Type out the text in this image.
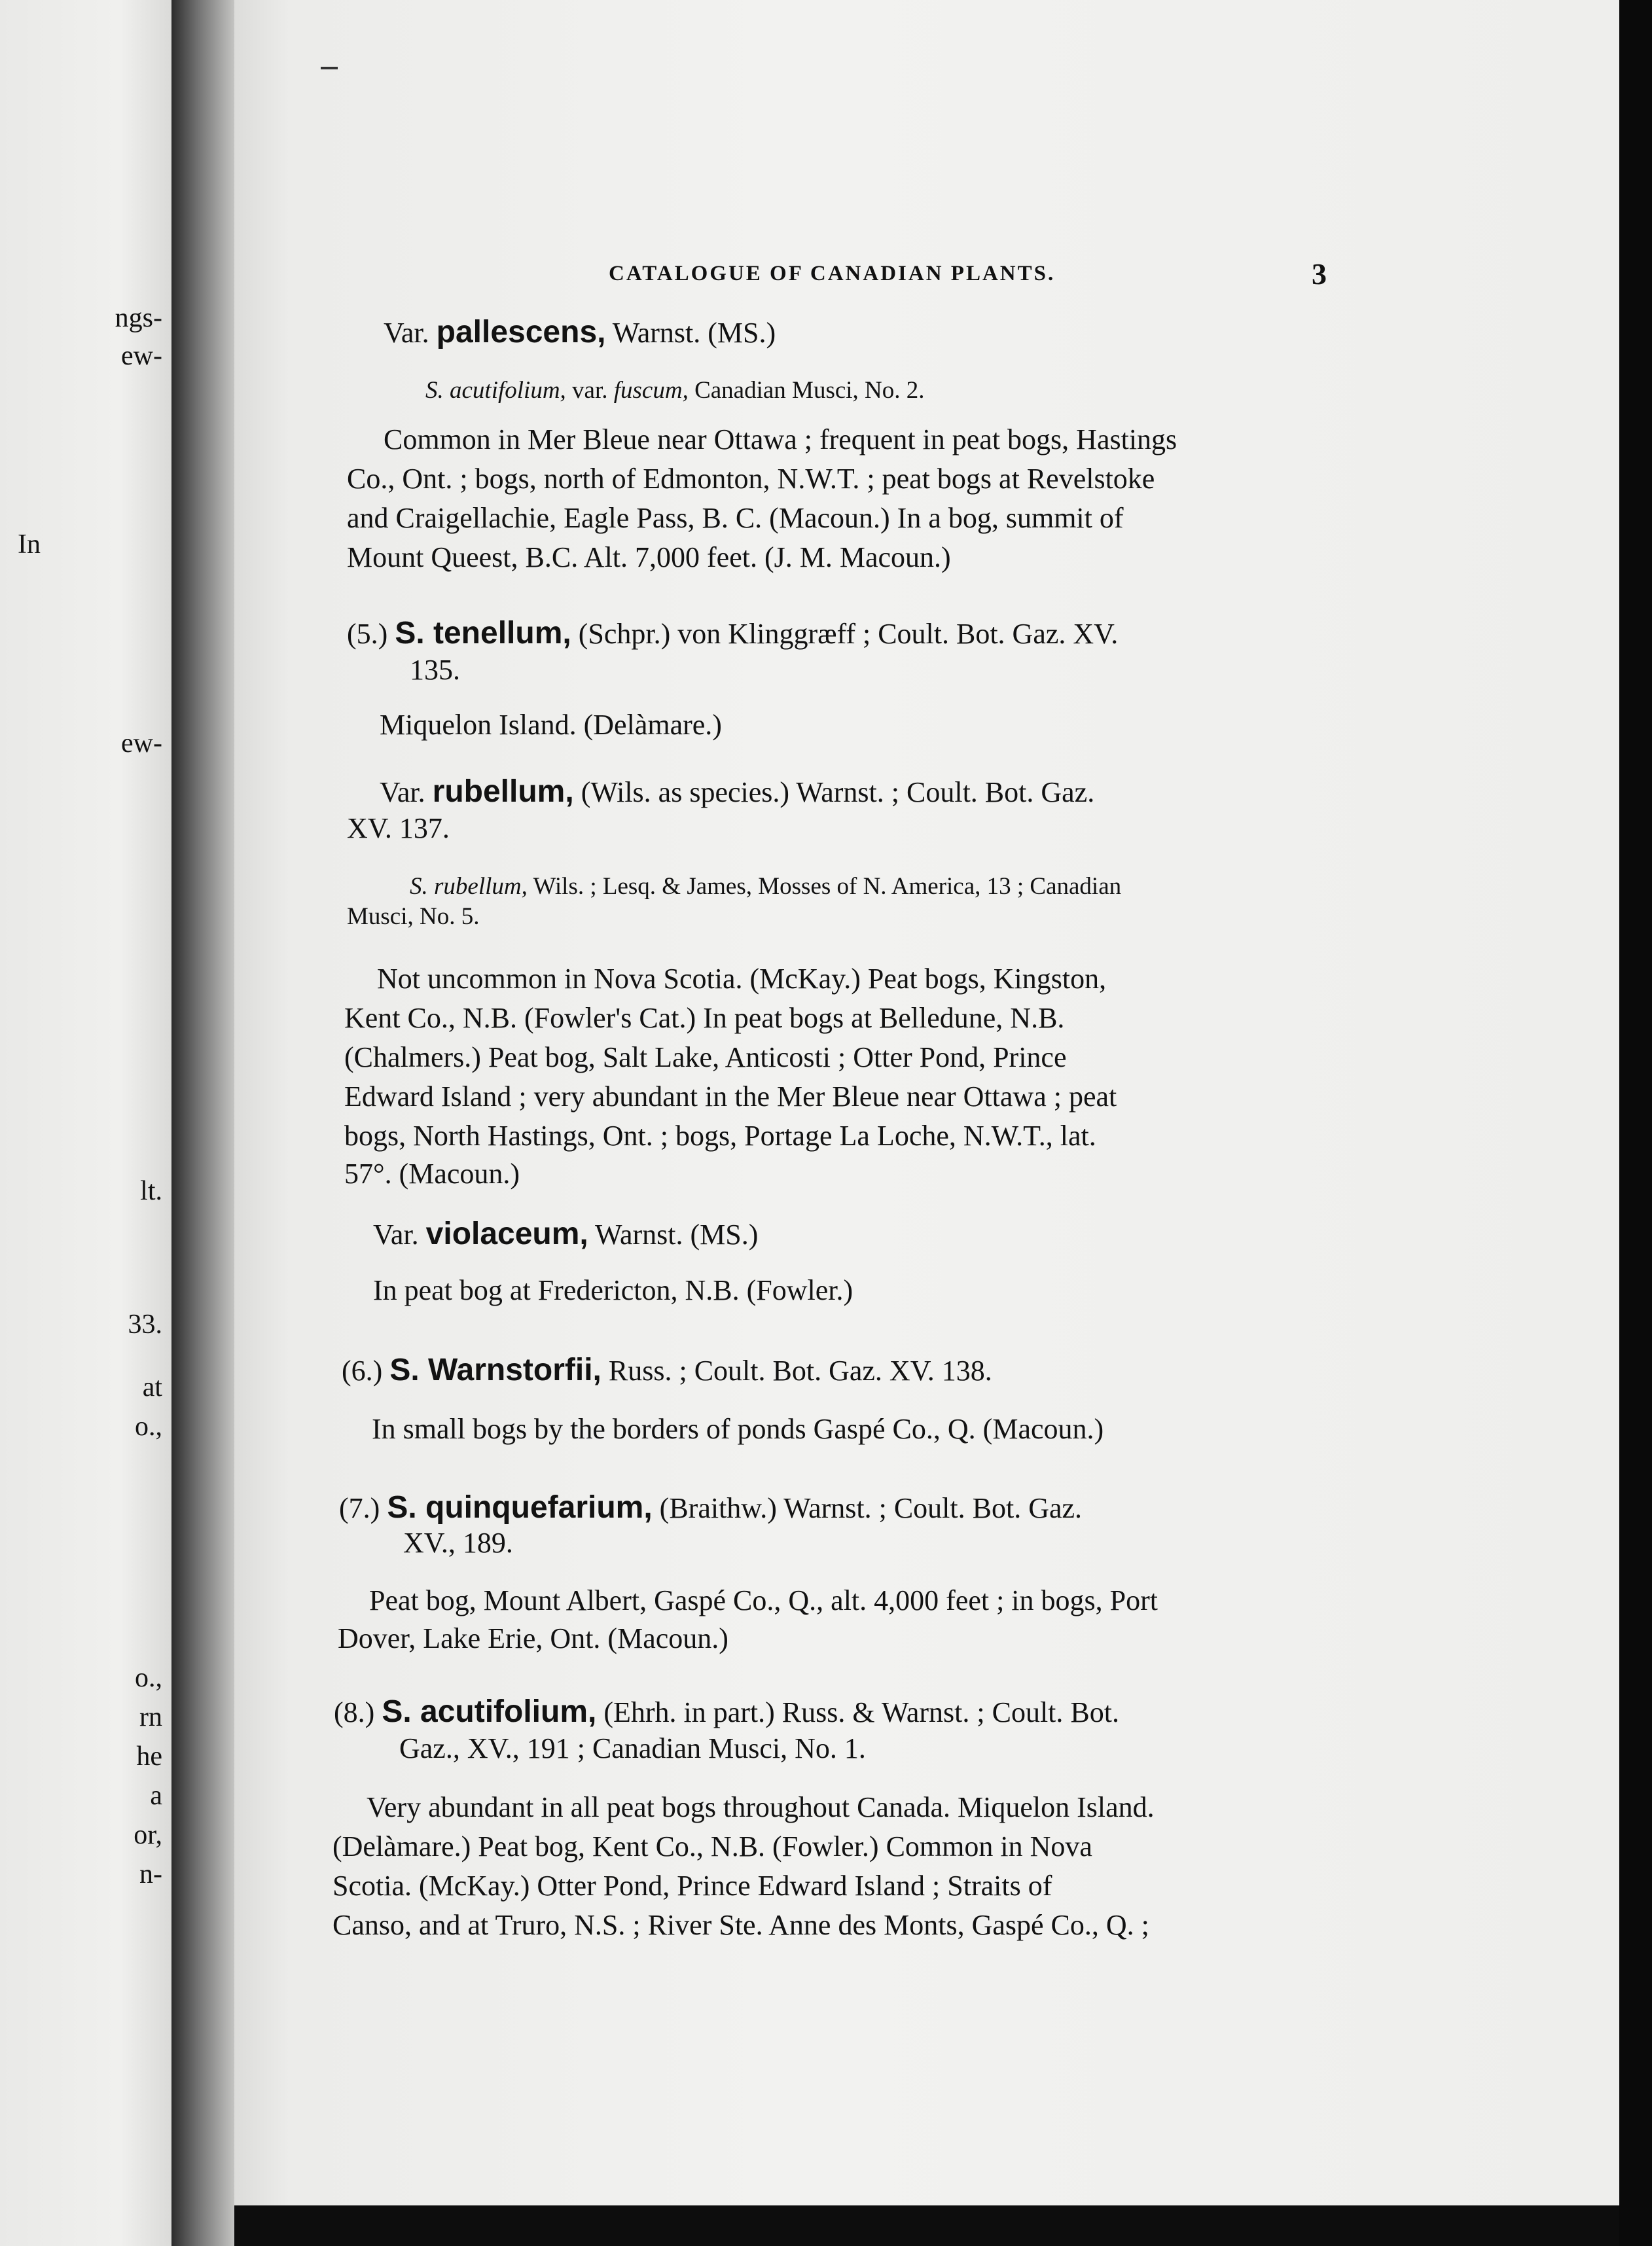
ngs-
ew-
In
ew-
lt.
33.
at
o.,
o.,
rn
he
a
or,
n-
CATALOGUE OF CANADIAN PLANTS.	3
Var. pallescens, Warnst. (MS.)
S. acutifolium, var. fuscum, Canadian Musci, No. 2.
Common in Mer Bleue near Ottawa ; frequent in peat bogs, Hastings
Co., Ont. ; bogs, north of Edmonton, N.W.T. ; peat bogs at Revelstoke
and Craigellachie, Eagle Pass, B. C. (Macoun.) In a bog, summit of
Mount Queest, B.C. Alt. 7,000 feet. (J. M. Macoun.)
(5.) S. tenellum, (Schpr.) von Klinggræff ; Coult. Bot. Gaz. XV.
135.
Miquelon Island. (Delàmare.)
Var. rubellum, (Wils. as species.) Warnst. ; Coult. Bot. Gaz.
XV. 137.
S. rubellum, Wils. ; Lesq. & James, Mosses of N. America, 13 ; Canadian
Musci, No. 5.
Not uncommon in Nova Scotia. (McKay.) Peat bogs, Kingston,
Kent Co., N.B. (Fowler's Cat.) In peat bogs at Belledune, N.B.
(Chalmers.) Peat bog, Salt Lake, Anticosti ; Otter Pond, Prince
Edward Island ; very abundant in the Mer Bleue near Ottawa ; peat
bogs, North Hastings, Ont. ; bogs, Portage La Loche, N.W.T., lat.
57°. (Macoun.)
Var. violaceum, Warnst. (MS.)
In peat bog at Fredericton, N.B. (Fowler.)
(6.) S. Warnstorfii, Russ. ; Coult. Bot. Gaz. XV. 138.
In small bogs by the borders of ponds Gaspé Co., Q. (Macoun.)
(7.) S. quinquefarium, (Braithw.) Warnst. ; Coult. Bot. Gaz.
XV., 189.
Peat bog, Mount Albert, Gaspé Co., Q., alt. 4,000 feet ; in bogs, Port
Dover, Lake Erie, Ont. (Macoun.)
(8.) S. acutifolium, (Ehrh. in part.) Russ. & Warnst. ; Coult. Bot.
Gaz., XV., 191 ; Canadian Musci, No. 1.
Very abundant in all peat bogs throughout Canada. Miquelon Island.
(Delàmare.) Peat bog, Kent Co., N.B. (Fowler.) Common in Nova
Scotia. (McKay.) Otter Pond, Prince Edward Island ; Straits of
Canso, and at Truro, N.S. ; River Ste. Anne des Monts, Gaspé Co., Q. ;
